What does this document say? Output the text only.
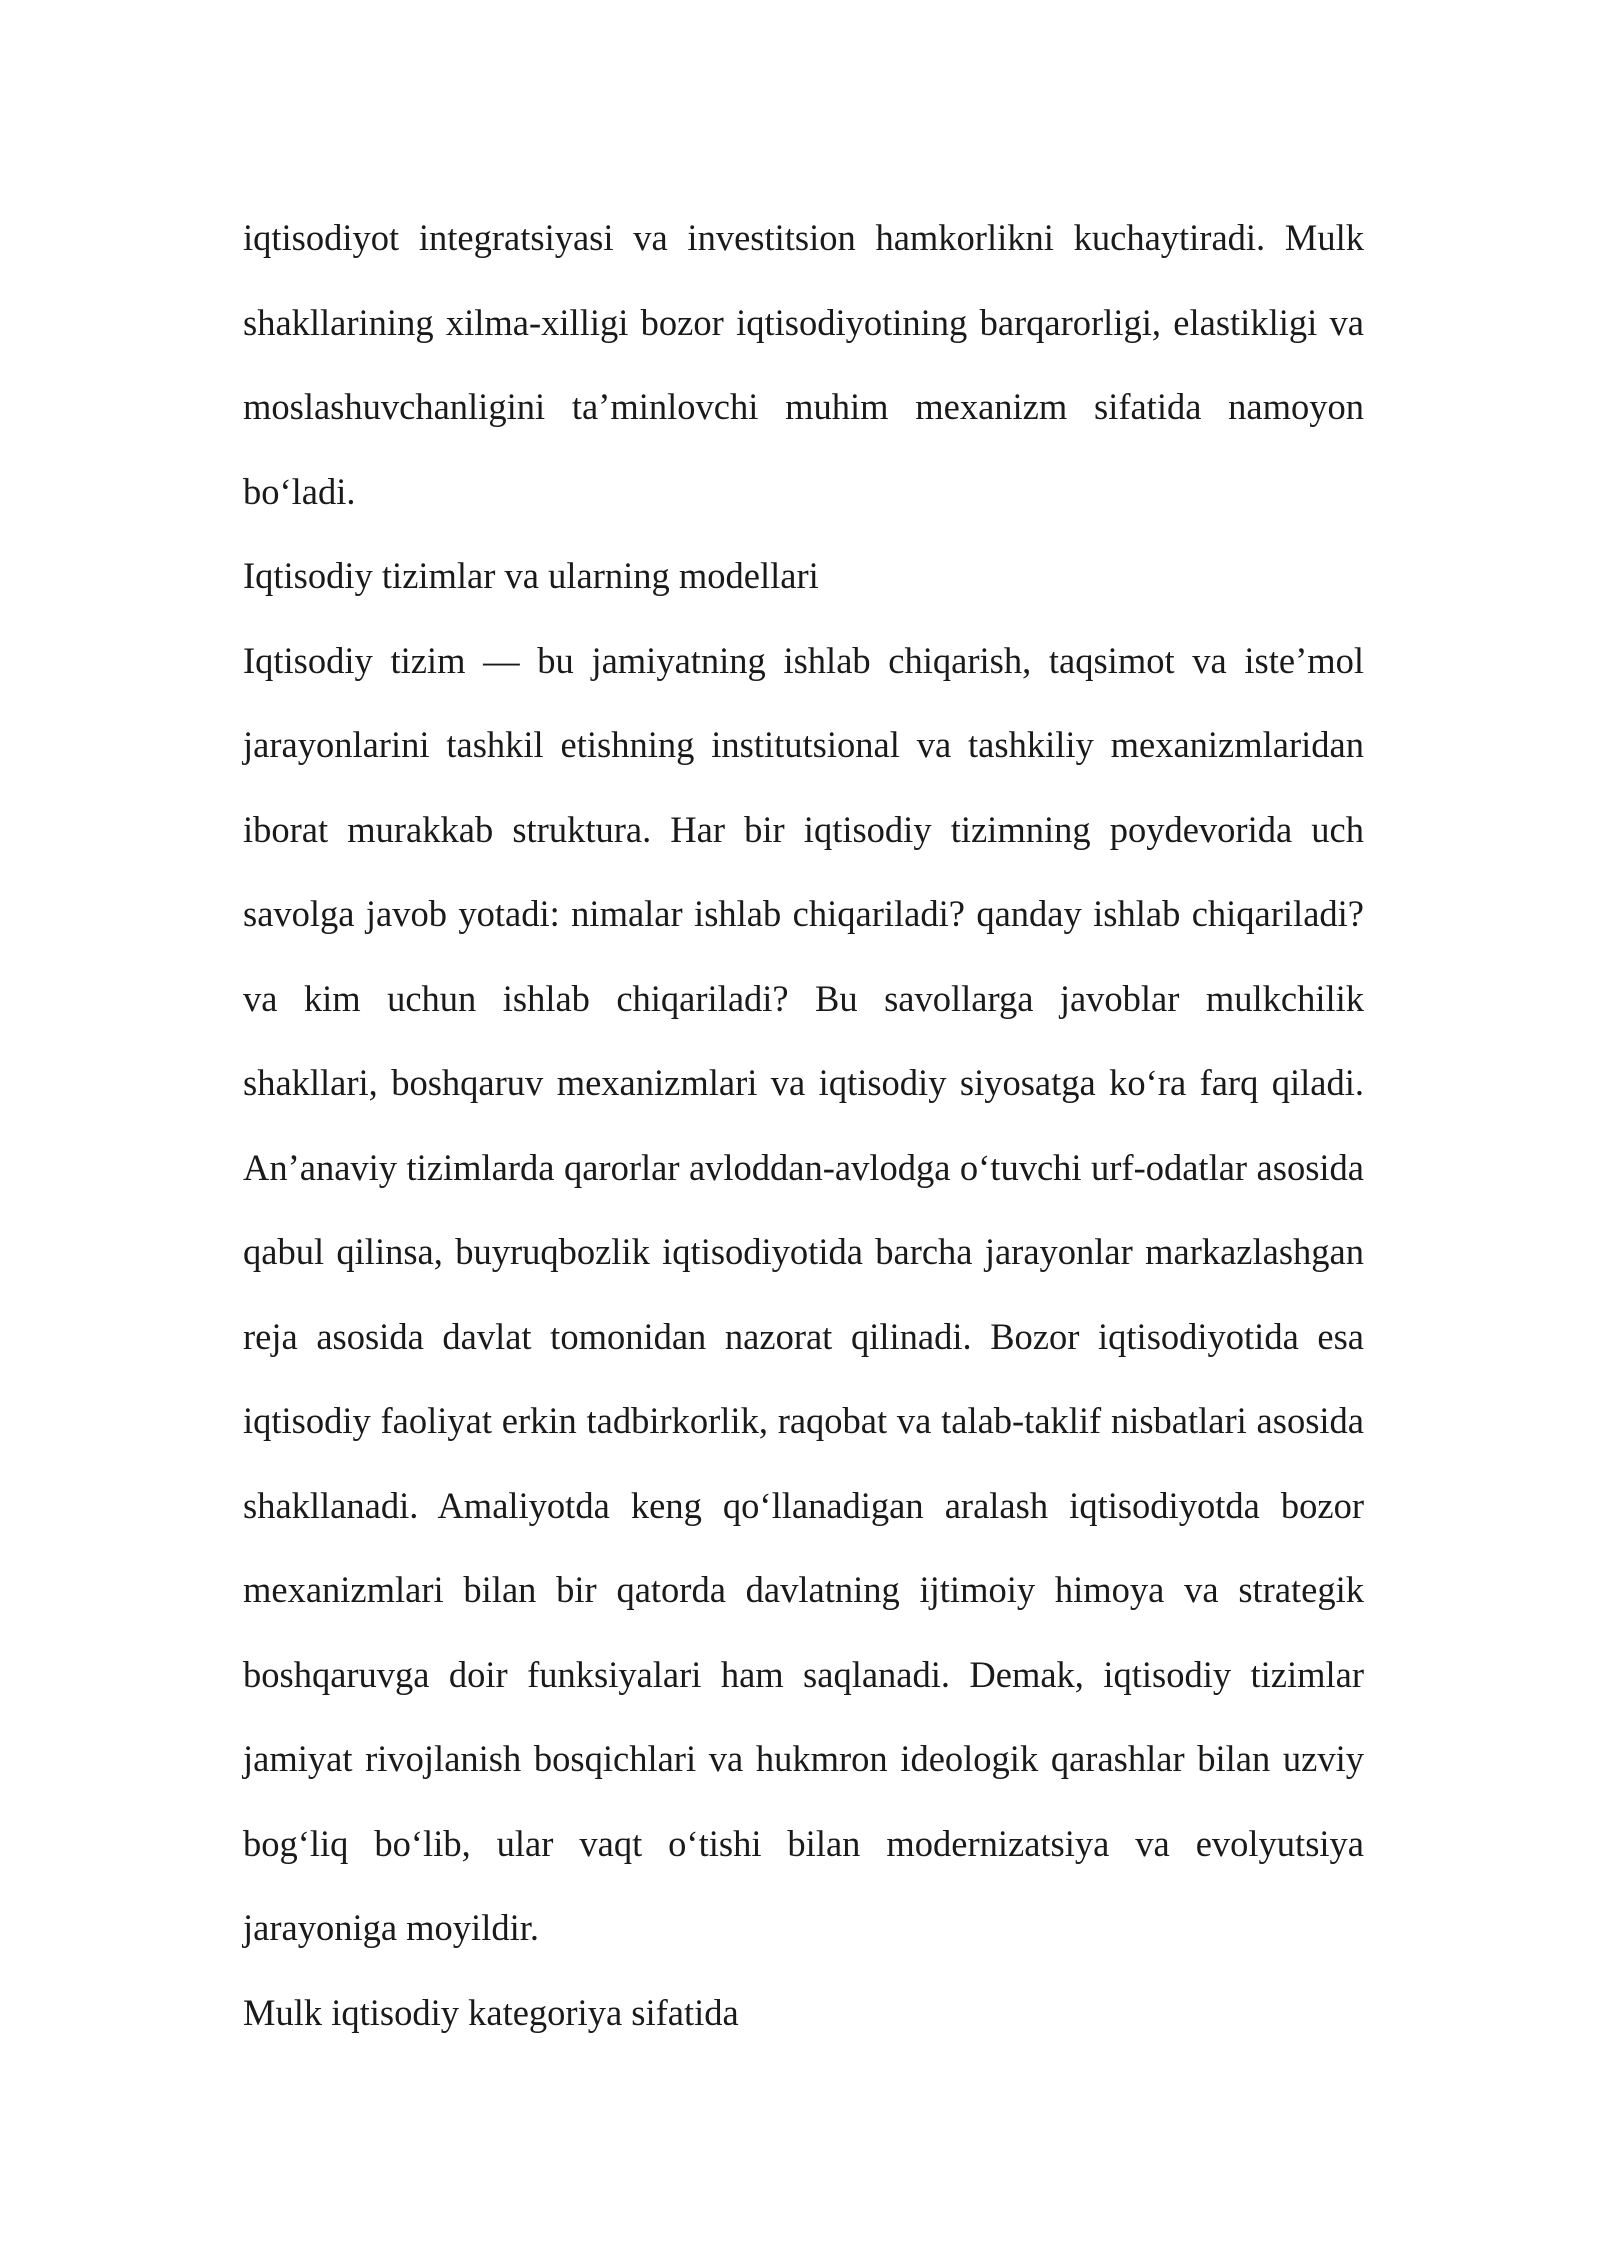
iqtisodiyot integratsiyasi va investitsion hamkorlikni kuchaytiradi. Mulk shakllarining xilma-xilligi bozor iqtisodiyotining barqarorligi, elastikligi va moslashuvchanligini ta’minlovchi muhim mexanizm sifatida namoyon bo‘ladi.

Iqtisodiy tizimlar va ularning modellari

Iqtisodiy tizim — bu jamiyatning ishlab chiqarish, taqsimot va iste’mol jarayonlarini tashkil etishning institutsional va tashkiliy mexanizmlaridan iborat murakkab struktura. Har bir iqtisodiy tizimning poydevorida uch savolga javob yotadi: nimalar ishlab chiqariladi? qanday ishlab chiqariladi? va kim uchun ishlab chiqariladi? Bu savollarga javoblar mulkchilik shakllari, boshqaruv mexanizmlari va iqtisodiy siyosatga ko‘ra farq qiladi. An’anaviy tizimlarda qarorlar avloddan-avlodga o‘tuvchi urf-odatlar asosida qabul qilinsa, buyruqbozlik iqtisodiyotida barcha jarayonlar markazlashgan reja asosida davlat tomonidan nazorat qilinadi. Bozor iqtisodiyotida esa iqtisodiy faoliyat erkin tadbirkorlik, raqobat va talab-taklif nisbatlari asosida shakllanadi. Amaliyotda keng qo‘llanadigan aralash iqtisodiyotda bozor mexanizmlari bilan bir qatorda davlatning ijtimoiy himoya va strategik boshqaruvga doir funksiyalari ham saqlanadi. Demak, iqtisodiy tizimlar jamiyat rivojlanish bosqichlari va hukmron ideologik qarashlar bilan uzviy bog‘liq bo‘lib, ular vaqt o‘tishi bilan modernizatsiya va evolyutsiya jarayoniga moyildir.

Mulk iqtisodiy kategoriya sifatida
